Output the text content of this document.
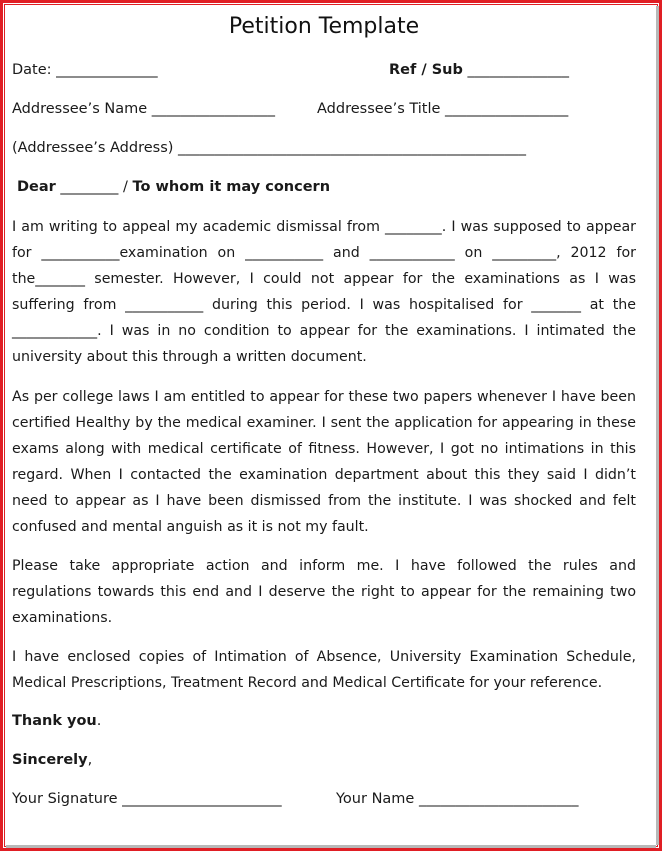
Petition Template
Date: ______________	Ref / Sub ______________
Addressee’s Name _________________	Addressee’s Title _________________
(Addressee’s Address) ________________________________________________
Dear ________ / To whom it may concern

I am writing to appeal my academic dismissal from ________. I was supposed to appear for ___________examination on ___________ and ____________ on _________, 2012 for the_______ semester. However, I could not appear for the examinations as I was suffering from ___________ during this period. I was hospitalised for _______ at the ____________. I was in no condition to appear for the examinations. I intimated the university about this through a written document.

As per college laws I am entitled to appear for these two papers whenever I have been certified Healthy by the medical examiner. I sent the application for appearing in these exams along with medical certificate of fitness. However, I got no intimations in this regard. When I contacted the examination department about this they said I didn’t need to appear as I have been dismissed from the institute. I was shocked and felt confused and mental anguish as it is not my fault.

Please take appropriate action and inform me. I have followed the rules and regulations towards this end and I deserve the right to appear for the remaining two examinations.

I have enclosed copies of Intimation of Absence, University Examination Schedule, Medical Prescriptions, Treatment Record and Medical Certificate for your reference.

Thank you.
Sincerely,
Your Signature ______________________	Your Name ______________________
